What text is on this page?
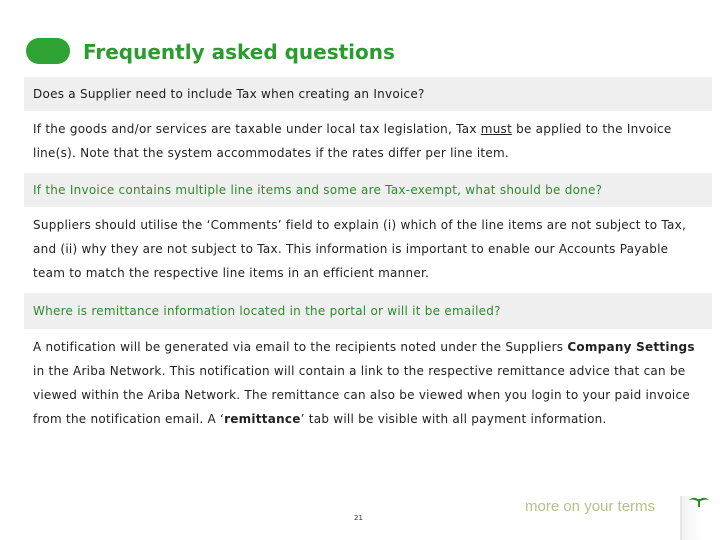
Frequently asked questions
Does a Supplier need to include Tax when creating an Invoice?
If the goods and/or services are taxable under local tax legislation, Tax must be applied to the Invoice line(s). Note that the system accommodates if the rates differ per line item.
If the Invoice contains multiple line items and some are Tax-exempt, what should be done?
Suppliers should utilise the ‘Comments’ field to explain (i) which of the line items are not subject to Tax, and (ii) why they are not subject to Tax. This information is important to enable our Accounts Payable team to match the respective line items in an efficient manner.
Where is remittance information located in the portal or will it be emailed?
A notification will be generated via email to the recipients noted under the Suppliers Company Settings in the Ariba Network. This notification will contain a link to the respective remittance advice that can be viewed within the Ariba Network. The remittance can also be viewed when you login to your paid invoice from the notification email. A ‘remittance’ tab will be visible with all payment information.
21
more on your terms
